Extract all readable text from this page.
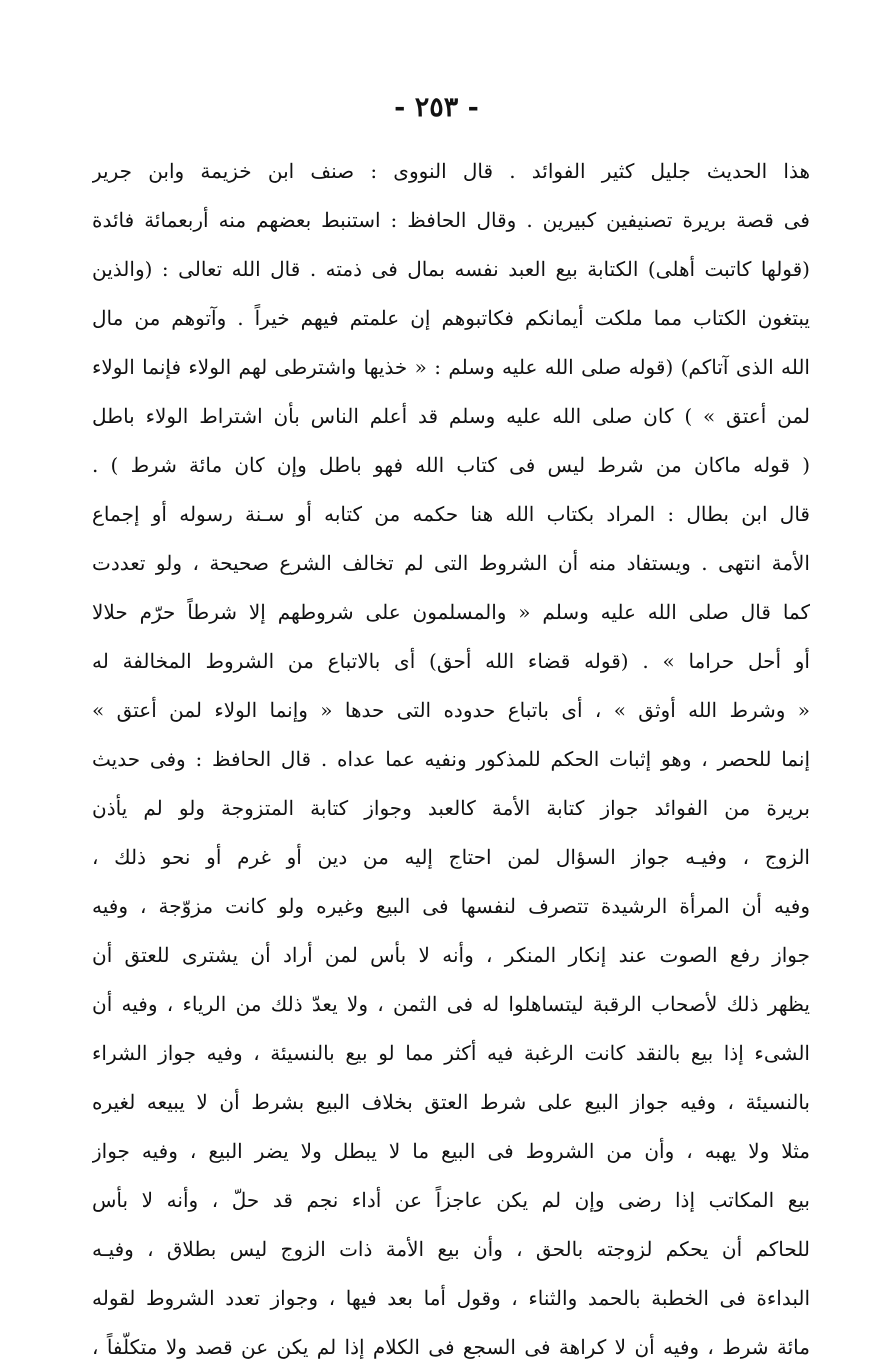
- ٢٥٣ -
هذا الحديث جليل كثير الفوائد . قال النووى : صنف ابن خزيمة وابن جرير
فى قصة بريرة تصنيفين كبيرين . وقال الحافظ : استنبط بعضهم منه أربعمائة فائدة
(قولها كاتبت أهلى) الكتابة بيع العبد نفسه بمال فى ذمته . قال الله تعالى : (والذين
يبتغون الكتاب مما ملكت أيمانكم فكاتبوهم إن علمتم فيهم خيراً . وآتوهم من مال
الله الذى آتاكم) (قوله صلى الله عليه وسلم : « خذيها واشترطى لهم الولاء فإنما الولاء
لمن أعتق » ) كان صلى الله عليه وسلم قد أعلم الناس بأن اشتراط الولاء باطل
( قوله ماكان من شرط ليس فى كتاب الله فهو باطل وإن كان مائة شرط ) .
قال ابن بطال : المراد بكتاب الله هنا حكمه من كتابه أو سـنة رسوله أو إجماع
الأمة انتهى . ويستفاد منه أن الشروط التى لم تخالف الشرع صحيحة ، ولو تعددت
كما قال صلى الله عليه وسلم « والمسلمون على شروطهم إلا شرطاً حرّم حلالا
أو أحل حراما » . (قوله قضاء الله أحق) أى بالاتباع من الشروط المخالفة له
« وشرط الله أوثق » ، أى باتباع حدوده التى حدها « وإنما الولاء لمن أعتق »
إنما للحصر ، وهو إثبات الحكم للمذكور ونفيه عما عداه . قال الحافظ : وفى حديث
بريرة من الفوائد جواز كتابة الأمة كالعبد وجواز كتابة المتزوجة ولو لم يأذن
الزوج ، وفيـه جواز السؤال لمن احتاج إليه من دين أو غرم أو نحو ذلك ،
وفيه أن المرأة الرشيدة تتصرف لنفسها فى البيع وغيره ولو كانت مزوّجة ، وفيه
جواز رفع الصوت عند إنكار المنكر ، وأنه لا بأس لمن أراد أن يشترى للعتق أن
يظهر ذلك لأصحاب الرقبة ليتساهلوا له فى الثمن ، ولا يعدّ ذلك من الرياء ، وفيه أن
الشىء إذا بيع بالنقد كانت الرغبة فيه أكثر مما لو بيع بالنسيئة ، وفيه جواز الشراء
بالنسيئة ، وفيه جواز البيع على شرط العتق بخلاف البيع بشرط أن لا يبيعه لغيره
مثلا ولا يهبه ، وأن من الشروط فى البيع ما لا يبطل ولا يضر البيع ، وفيه جواز
بيع المكاتب إذا رضى وإن لم يكن عاجزاً عن أداء نجم قد حلّ ، وأنه لا بأس
للحاكم أن يحكم لزوجته بالحق ، وأن بيع الأمة ذات الزوج ليس بطلاق ، وفيـه
البداءة فى الخطبة بالحمد والثناء ، وقول أما بعد فيها ، وجواز تعدد الشروط لقوله
مائة شرط ، وفيه أن لا كراهة فى السجع فى الكلام إذا لم يكن عن قصد ولا متكلّفاً ،
